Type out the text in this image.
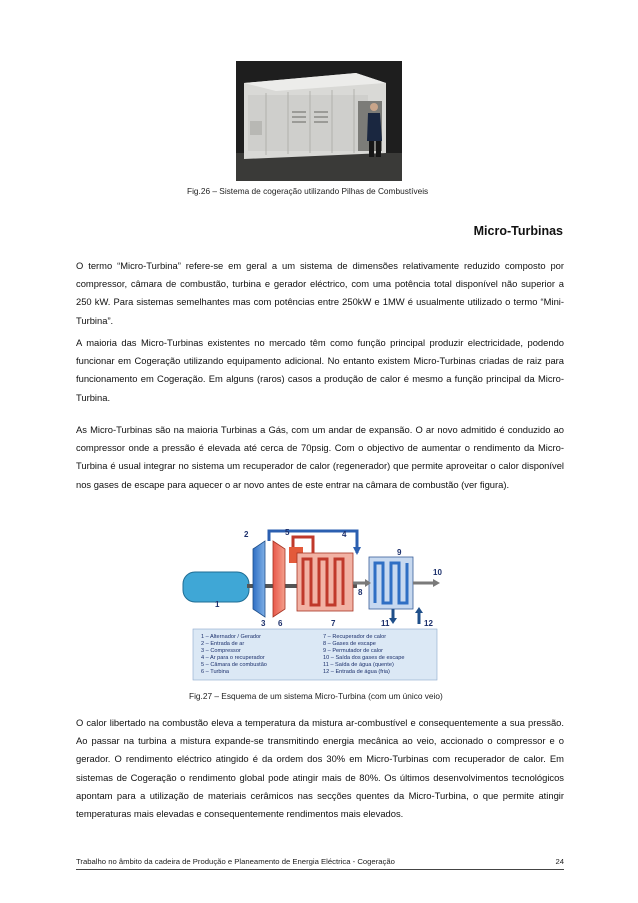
Fig.26 – Sistema de cogeração utilizando Pilhas de Combustíveis
Micro-Turbinas

O termo “Micro-Turbina” refere-se em geral a um sistema de dimensões relativamente reduzido composto por compressor, câmara de combustão, turbina e gerador eléctrico, com uma potência total disponível não superior a 250 kW. Para sistemas semelhantes mas com potências entre 250kW e 1MW é usualmente utilizado o termo “Mini-Turbina”.

A maioria das Micro-Turbinas existentes no mercado têm como função principal produzir electricidade, podendo funcionar em Cogeração utilizando equipamento adicional. No entanto existem Micro-Turbinas criadas de raiz para funcionamento em Cogeração. Em alguns (raros) casos a produção de calor é mesmo a função principal da Micro-Turbina.

As Micro-Turbinas são na maioria Turbinas a Gás, com um andar de expansão. O ar novo admitido é conduzido ao compressor onde a pressão é elevada até cerca de 70psig. Com o objectivo de aumentar o rendimento da Micro-Turbina é usual integrar no sistema um recuperador de calor (regenerador) que permite aproveitar o calor disponível nos gases de escape para aquecer o ar novo antes de este entrar na câmara de combustão (ver figura).

1
2
3
4
5
6	7
8
9
10
11	12
1 – Alternador / Gerador
2 – Entrada de ar
3 – Compressor
4 – Ar para o recuperador
5 – Câmara de combustão
6 – Turbina
7 – Recuperador de calor
8 – Gases de escape
9 – Permutador de calor
10 – Saída dos gases de escape
11 – Saída de água (quente)
12 – Entrada de água (fria)
Fig.27 – Esquema de um sistema Micro-Turbina (com um único veio)

O calor libertado na combustão eleva a temperatura da mistura ar-combustível e consequentemente a sua pressão. Ao passar na turbina a mistura expande-se transmitindo energia mecânica ao veio, accionado o compressor e o gerador. O rendimento eléctrico atingido é da ordem dos 30% em Micro-Turbinas com recuperador de calor. Em sistemas de Cogeração o rendimento global pode atingir mais de 80%. Os últimos desenvolvimentos tecnológicos apontam para a utilização de materiais cerâmicos nas secções quentes da Micro-Turbina, o que permite atingir temperaturas mais elevadas e consequentemente rendimentos mais elevados.

Trabalho no âmbito da cadeira de Produção e Planeamento de Energia Eléctrica - Cogeração	24
